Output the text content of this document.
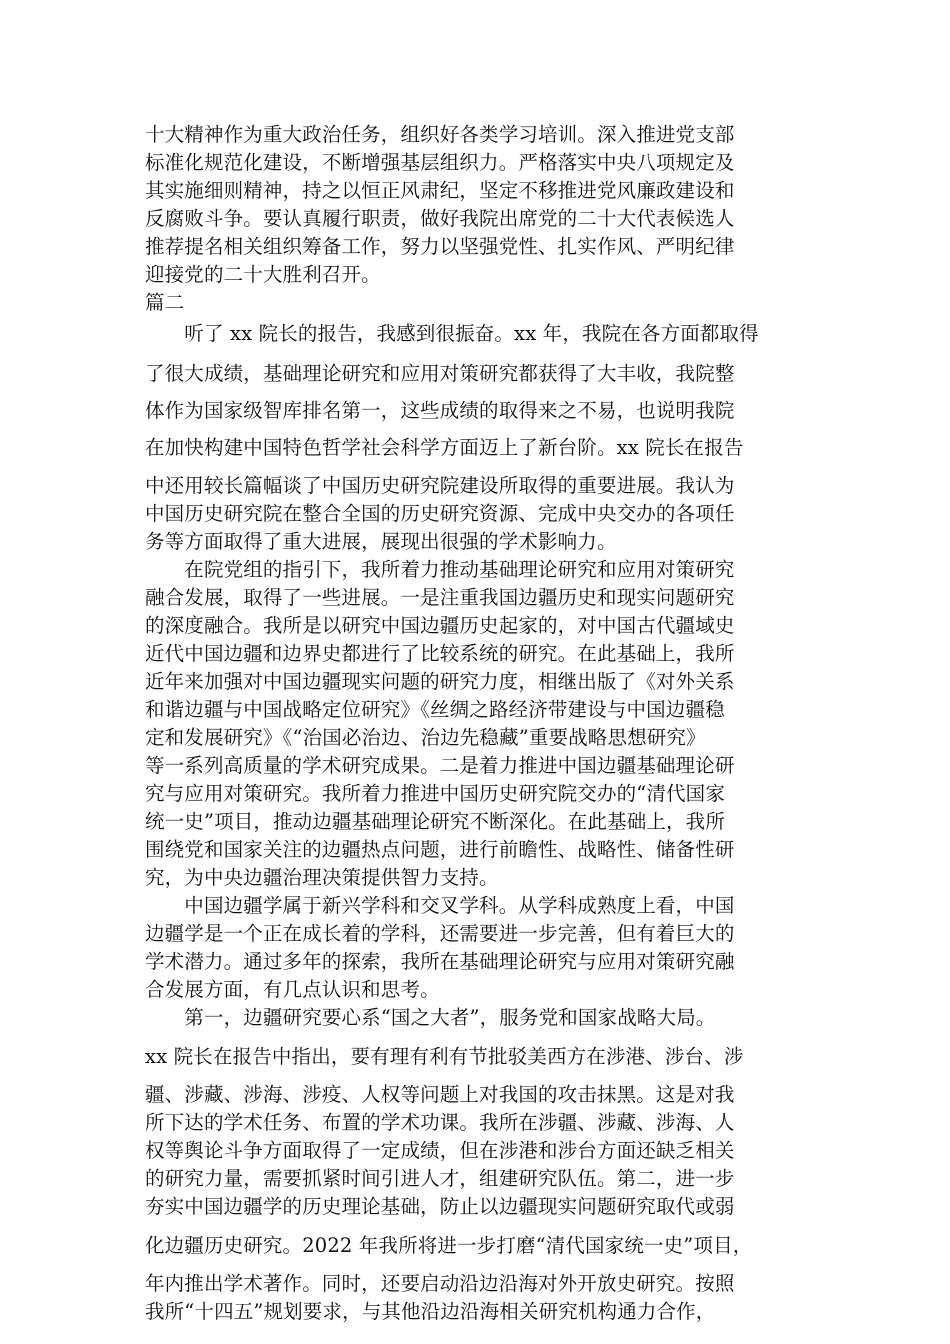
十大精神作为重大政治任务，组织好各类学习培训。深入推进党支部
标准化规范化建设，不断增强基层组织力。严格落实中央八项规定及
其实施细则精神，持之以恒正风肃纪，坚定不移推进党风廉政建设和
反腐败斗争。要认真履行职责，做好我院出席党的二十大代表候选人
推荐提名相关组织筹备工作，努力以坚强党性、扎实作风、严明纪律
迎接党的二十大胜利召开。
篇二
　　听了 xx 院长的报告，我感到很振奋。xx 年，我院在各方面都取得
了很大成绩，基础理论研究和应用对策研究都获得了大丰收，我院整
体作为国家级智库排名第一，这些成绩的取得来之不易，也说明我院
在加快构建中国特色哲学社会科学方面迈上了新台阶。xx 院长在报告
中还用较长篇幅谈了中国历史研究院建设所取得的重要进展。我认为
中国历史研究院在整合全国的历史研究资源、完成中央交办的各项任
务等方面取得了重大进展，展现出很强的学术影响力。
　　在院党组的指引下，我所着力推动基础理论研究和应用对策研究
融合发展，取得了一些进展。一是注重我国边疆历史和现实问题研究
的深度融合。我所是以研究中国边疆历史起家的，对中国古代疆域史
近代中国边疆和边界史都进行了比较系统的研究。在此基础上，我所
近年来加强对中国边疆现实问题的研究力度，相继出版了《对外关系
和谐边疆与中国战略定位研究》《丝绸之路经济带建设与中国边疆稳
定和发展研究》《“治国必治边、治边先稳藏”重要战略思想研究》
等一系列高质量的学术研究成果。二是着力推进中国边疆基础理论研
究与应用对策研究。我所着力推进中国历史研究院交办的“清代国家
统一史”项目，推动边疆基础理论研究不断深化。在此基础上，我所
围绕党和国家关注的边疆热点问题，进行前瞻性、战略性、储备性研
究，为中央边疆治理决策提供智力支持。
　　中国边疆学属于新兴学科和交叉学科。从学科成熟度上看，中国
边疆学是一个正在成长着的学科，还需要进一步完善，但有着巨大的
学术潜力。通过多年的探索，我所在基础理论研究与应用对策研究融
合发展方面，有几点认识和思考。
　　第一，边疆研究要心系“国之大者”，服务党和国家战略大局。
xx 院长在报告中指出，要有理有利有节批驳美西方在涉港、涉台、涉
疆、涉藏、涉海、涉疫、人权等问题上对我国的攻击抹黑。这是对我
所下达的学术任务、布置的学术功课。我所在涉疆、涉藏、涉海、人
权等舆论斗争方面取得了一定成绩，但在涉港和涉台方面还缺乏相关
的研究力量，需要抓紧时间引进人才，组建研究队伍。第二，进一步
夯实中国边疆学的历史理论基础，防止以边疆现实问题研究取代或弱
化边疆历史研究。2022 年我所将进一步打磨“清代国家统一史”项目，
年内推出学术著作。同时，还要启动沿边沿海对外开放史研究。按照
我所“十四五”规划要求，与其他沿边沿海相关研究机构通力合作，
